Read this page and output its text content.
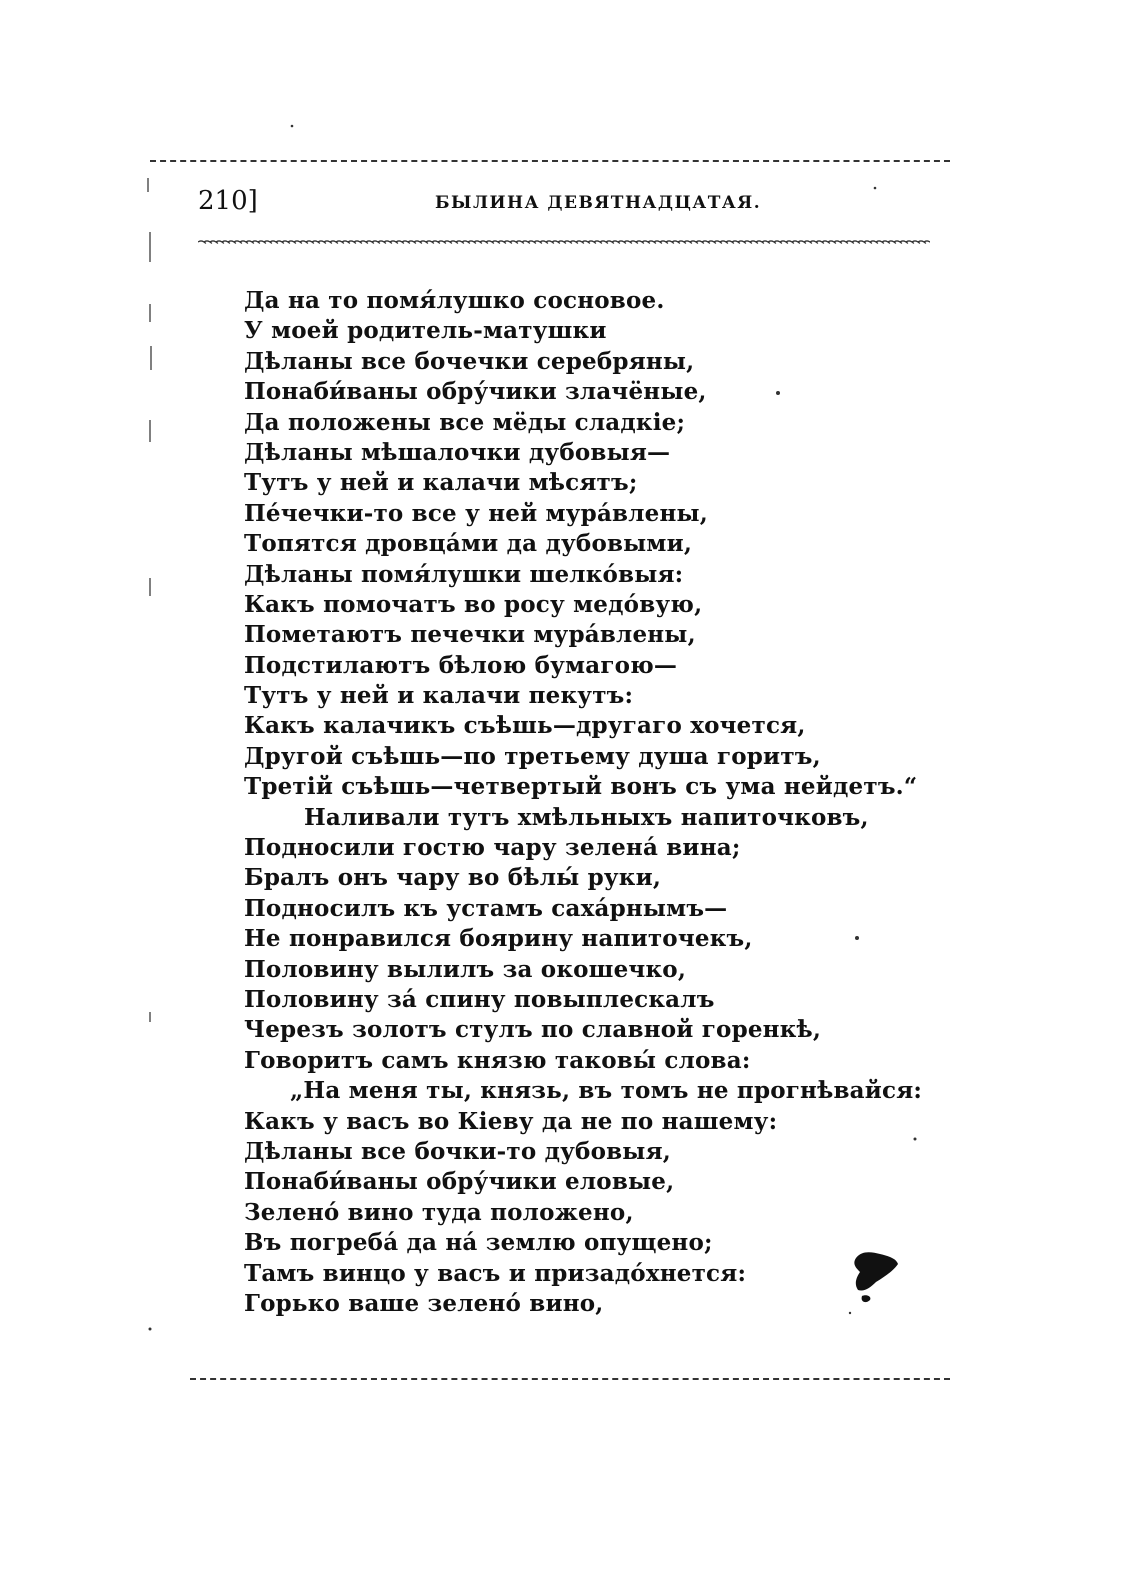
210]	БЫЛИНА ДЕВЯТНАДЦАТАЯ.
Да на то помя́лушко сосновое.
У моей родитель-матушки
Дѣланы все бочечки серебряны,
Понаби́ваны обру́чики злачёные,
Да положены все мёды сладкіе;
Дѣланы мѣшалочки дубовыя—
Тутъ у ней и калачи мѣсятъ;
Пе́чечки-то все у ней мура́влены,
Топятся дровца́ми да дубовыми,
Дѣланы помя́лушки шелко́выя:
Какъ помочатъ во росу медо́вую,
Пометаютъ печечки мура́влены,
Подстилаютъ бѣлою бумагою—
Тутъ у ней и калачи пекутъ:
Какъ калачикъ съѣшь—другаго хочется,
Другой съѣшь—по третьему душа горитъ,
Третій съѣшь—четвертый вонъ съ ума нейдетъ.“
Наливали тутъ хмѣльныхъ напиточковъ,
Подносили гостю чару зелена́ вина;
Бралъ онъ чару во бѣлы́ руки,
Подносилъ къ устамъ саха́рнымъ—
Не понравился боярину напиточекъ,
Половину вылилъ за окошечко,
Половину за́ спину повыплескалъ
Черезъ золотъ стулъ по славной горенкѣ,
Говоритъ самъ князю таковы́ слова:
„На меня ты, князь, въ томъ не прогнѣвайся:
Какъ у васъ во Кіеву да не по нашему:
Дѣланы все бочки-то дубовыя,
Понаби́ваны обру́чики еловые,
Зелено́ вино туда положено,
Въ погреба́ да на́ землю опущено;
Тамъ винцо у васъ и призадо́хнется:
Горько ваше зелено́ вино,
